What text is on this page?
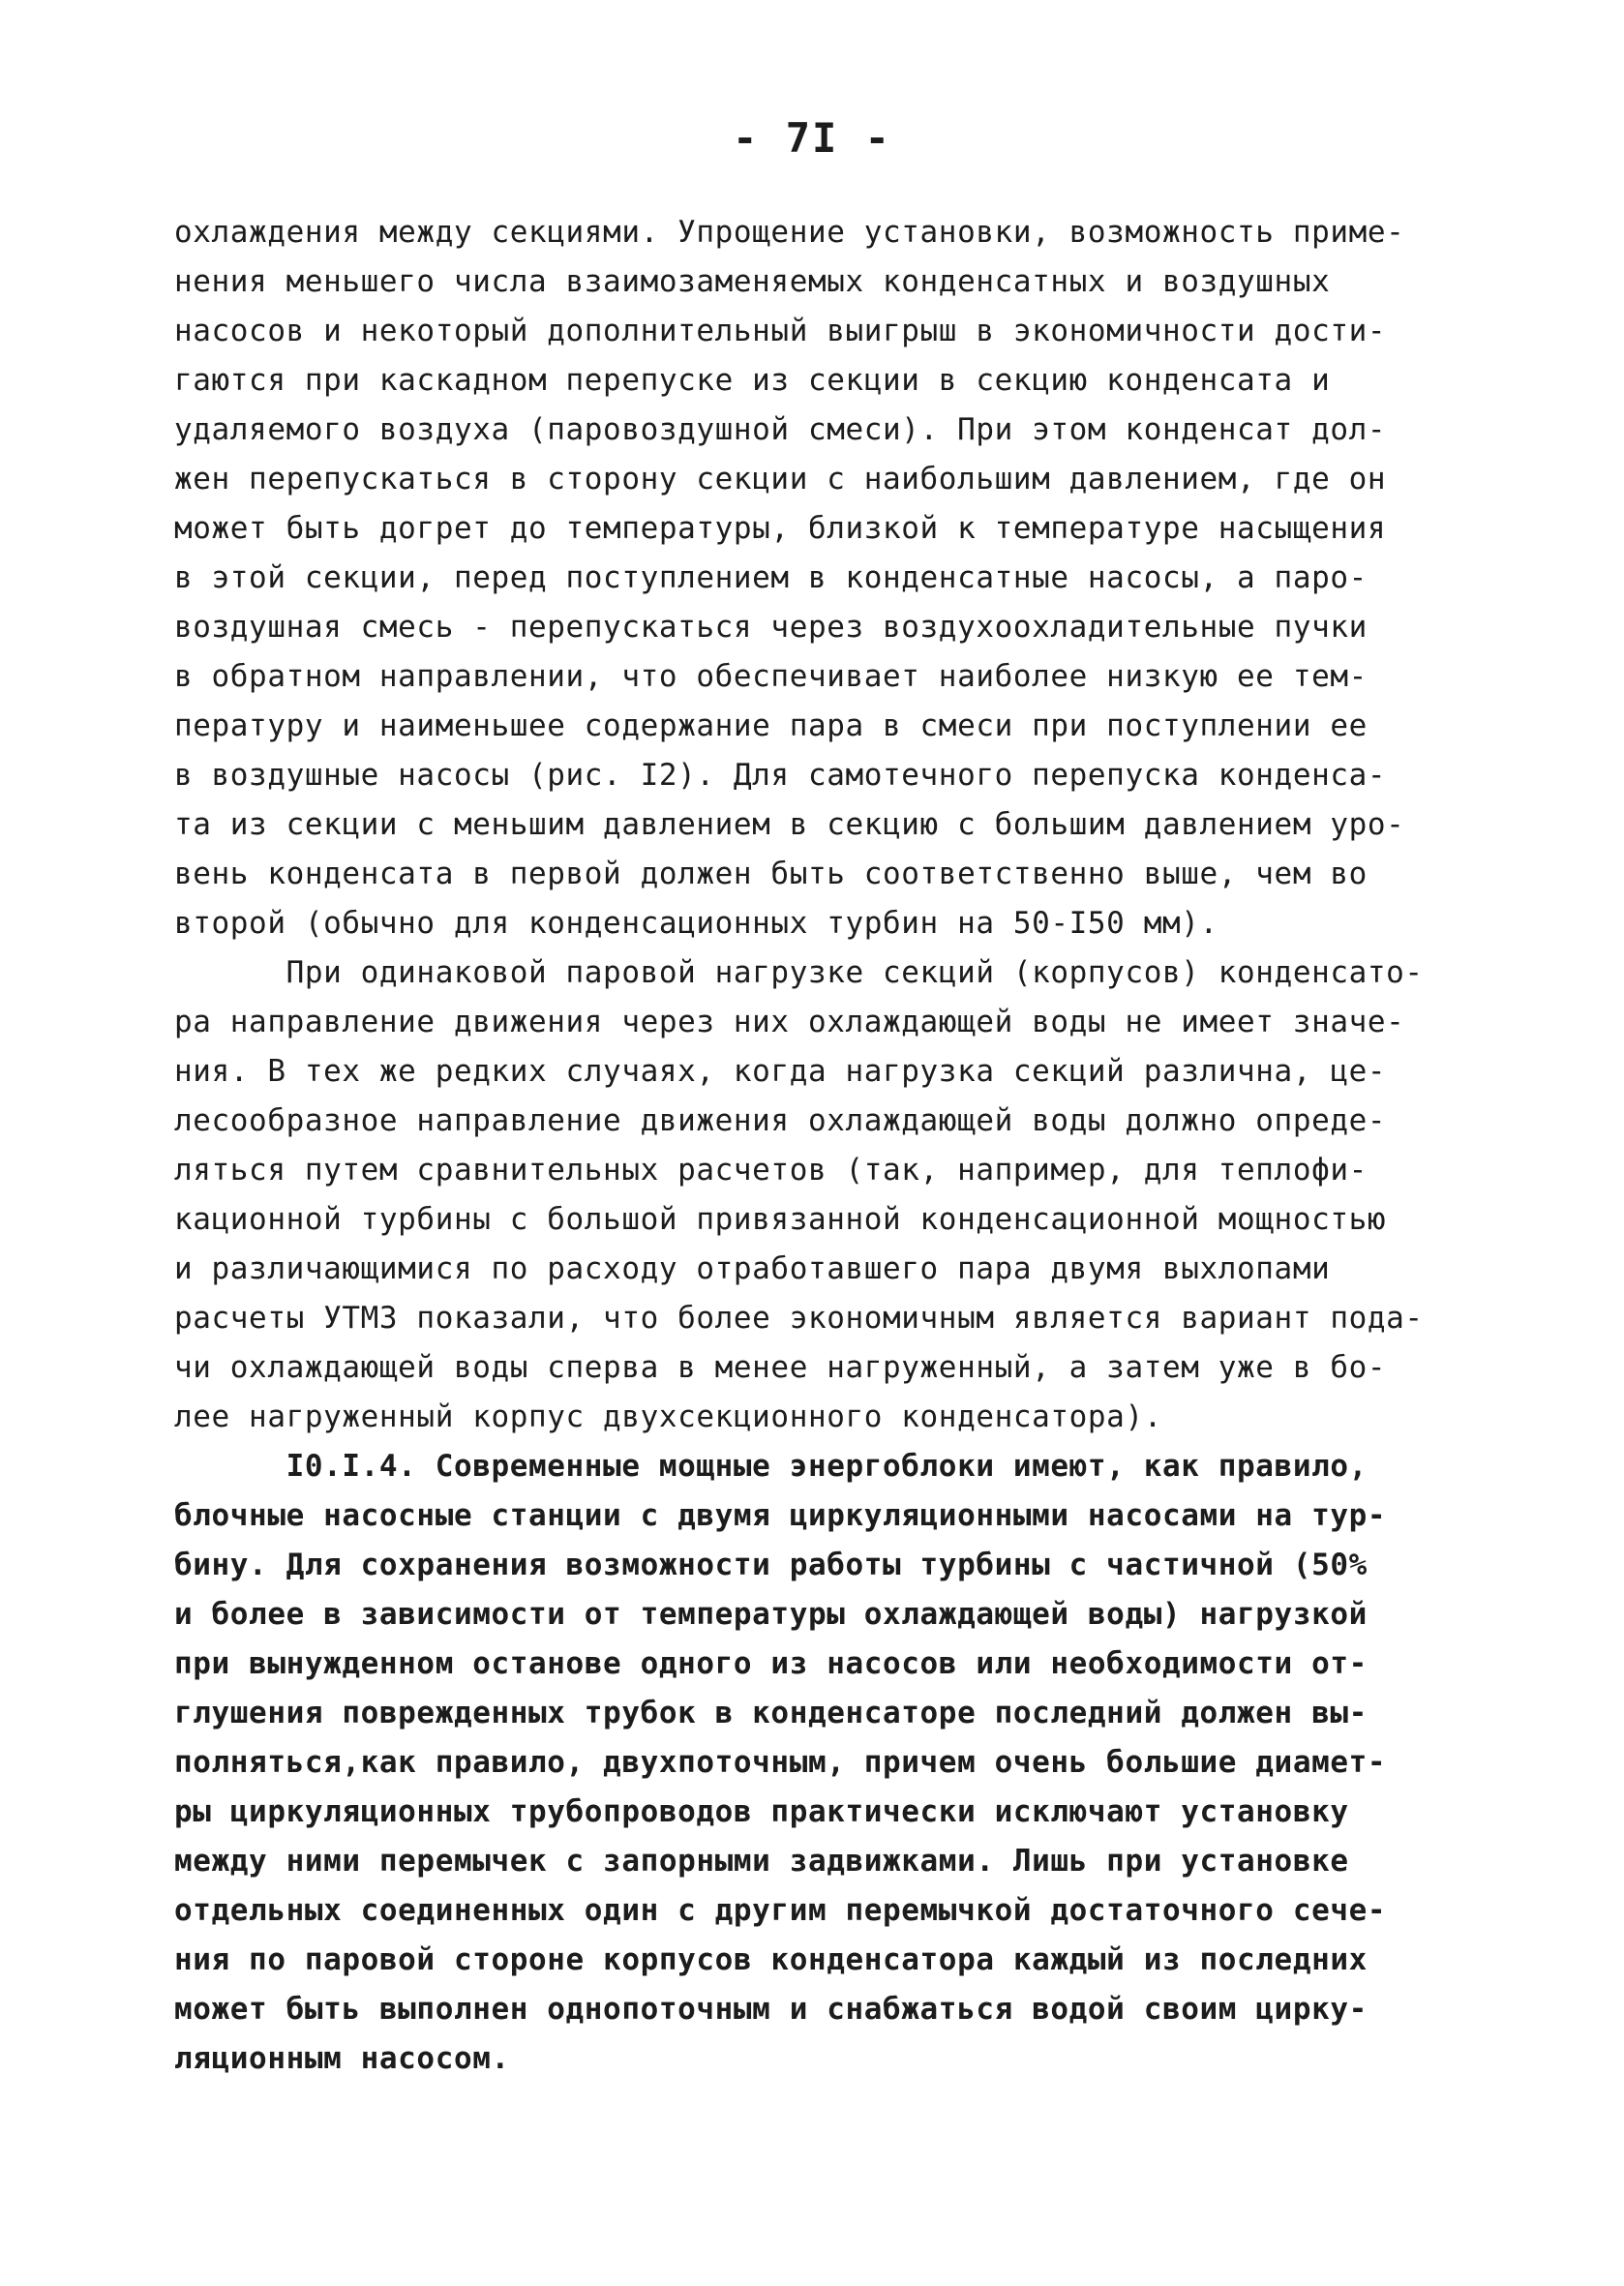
- 7I -
охлаждения между секциями. Упрощение установки, возможность приме-
нения меньшего числа взаимозаменяемых конденсатных и воздушных
насосов и некоторый дополнительный выигрыш в экономичности дости-
гаются при каскадном перепуске из секции в секцию конденсата и
удаляемого воздуха (паровоздушной смеси). При этом конденсат дол-
жен перепускаться в сторону секции с наибольшим давлением, где он
может быть догрет до температуры, близкой к температуре насыщения
в этой секции, перед поступлением в конденсатные насосы, а паро-
воздушная смесь - перепускаться через воздухоохладительные пучки
в обратном направлении, что обеспечивает наиболее низкую ее тем-
пературу и наименьшее содержание пара в смеси при поступлении ее
в воздушные насосы (рис. I2). Для самотечного перепуска конденса-
та из секции с меньшим давлением в секцию с большим давлением уро-
вень конденсата в первой должен быть соответственно выше, чем во
второй (обычно для конденсационных турбин на 50-I50 мм).
При одинаковой паровой нагрузке секций (корпусов) конденсато-
ра направление движения через них охлаждающей воды не имеет значе-
ния. В тех же редких случаях, когда нагрузка секций различна, це-
лесообразное направление движения охлаждающей воды должно опреде-
ляться путем сравнительных расчетов (так, например, для теплофи-
кационной турбины с большой привязанной конденсационной мощностью
и различающимися по расходу отработавшего пара двумя выхлопами
расчеты УТМЗ показали, что более экономичным является вариант пода-
чи охлаждающей воды сперва в менее нагруженный, а затем уже в бо-
лее нагруженный корпус двухсекционного конденсатора).
I0.I.4. Современные мощные энергоблоки имеют, как правило,
блочные насосные станции с двумя циркуляционными насосами на тур-
бину. Для сохранения возможности работы турбины с частичной (50%
и более в зависимости от температуры охлаждающей воды) нагрузкой
при вынужденном останове одного из насосов или необходимости от-
глушения поврежденных трубок в конденсаторе последний должен вы-
полняться,как правило, двухпоточным, причем очень большие диамет-
ры циркуляционных трубопроводов практически исключают установку
между ними перемычек с запорными задвижками. Лишь при установке
отдельных соединенных один с другим перемычкой достаточного сече-
ния по паровой стороне корпусов конденсатора каждый из последних
может быть выполнен однопоточным и снабжаться водой своим цирку-
ляционным насосом.
